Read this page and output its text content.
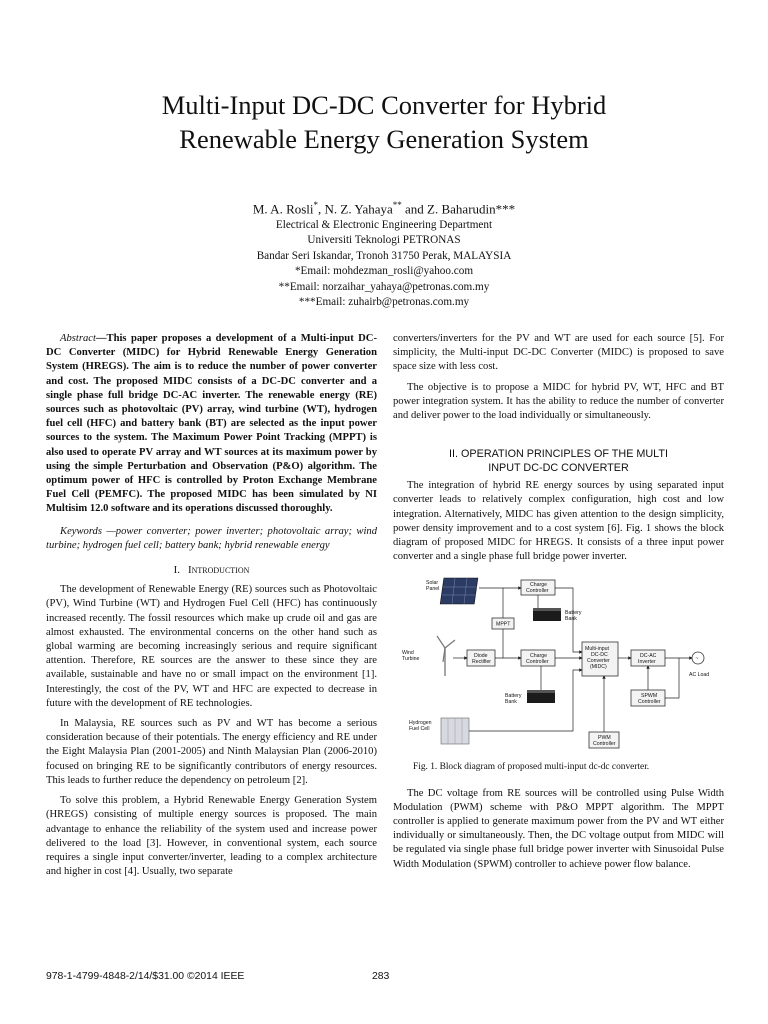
Multi-Input DC-DC Converter for Hybrid
Renewable Energy Generation System
M. A. Rosli*, N. Z. Yahaya** and Z. Baharudin***
Electrical & Electronic Engineering Department
Universiti Teknologi PETRONAS
Bandar Seri Iskandar, Tronoh 31750 Perak, MALAYSIA
*Email: mohdezman_rosli@yahoo.com
**Email: norzaihar_yahaya@petronas.com.my
***Email: zuhairb@petronas.com.my

Abstract—This paper proposes a development of a Multi-input DC-DC Converter (MIDC) for Hybrid Renewable Energy Generation System (HREGS). The aim is to reduce the number of power converter and cost. The proposed MIDC consists of a DC-DC converter and a single phase full bridge DC-AC inverter. The renewable energy (RE) sources such as photovoltaic (PV) array, wind turbine (WT), hydrogen fuel cell (HFC) and battery bank (BT) are selected as the input power sources to the system. The Maximum Power Point Tracking (MPPT) is also used to operate PV array and WT sources at its maximum power by using the simple Perturbation and Observation (P&O) algorithm. The optimum power of HFC is controlled by Proton Exchange Membrane Fuel Cell (PEMFC). The proposed MIDC has been simulated by NI Multisim 12.0 software and its operations discussed thoroughly.

Keywords —power converter; power inverter; photovoltaic array; wind turbine; hydrogen fuel cell; battery bank; hybrid renewable energy

I. Introduction

The development of Renewable Energy (RE) sources such as Photovoltaic (PV), Wind Turbine (WT) and Hydrogen Fuel Cell (HFC) has continuously increased recently. The fossil resources which make up crude oil and gas are almost exhausted. The environmental concerns on the other hand such as global warming are becoming increasingly serious and require significant attention. Therefore, RE sources are the answer to these since they are available, sustainable and have no or small impact on the environment [1]. Interestingly, the cost of the PV, WT and HFC are expected to decrease in future with the development of RE technologies.

In Malaysia, RE sources such as PV and WT has become a serious consideration because of their potentials. The energy efficiency and RE under the Eight Malaysia Plan (2001-2005) and Ninth Malaysian Plan (2006-2010) focused on bringing RE to be significantly contributors of energy resources. This leads to further reduce the dependency on petroleum [2].

To solve this problem, a Hybrid Renewable Energy Generation System (HREGS) consisting of multiple energy sources is proposed. The main advantage to enhance the reliability of the system used and increase power delivered to the load [3]. However, in conventional system, each source requires a single input converter/inverter, leading to a complex architecture and higher in cost [4]. Usually, two separate

converters/inverters for the PV and WT are used for each source [5]. For simplicity, the Multi-input DC-DC Converter (MIDC) is proposed to save space size with less cost.

The objective is to propose a MIDC for hybrid PV, WT, HFC and BT power integration system. It has the ability to reduce the number of converter and deliver power to the load individually or simultaneously.

II. OPERATION PRINCIPLES OF THE MULTI
INPUT DC-DC CONVERTER

The integration of hybrid RE energy sources by using separated input converter leads to relatively complex configuration, high cost and low integration. Alternatively, MIDC has given attention to the design simplicity, power density improvement and to a cost system [6]. Fig. 1 shows the block diagram of proposed MIDC for HREGS. It consists of a three input power converter and a single phase full bridge power inverter.

Solar
Panel
Charge
Controller
Battery
Bank
MPPT
Wind
Turbine	Diode
Rectifier
Charge
Controller
Multi-input
DC-DC
Converter
(MIDC)
DC-AC
Inverter	~
AC Load
Battery
Bank
SPWM
Controller
Hydrogen
Fuel Cell
PWM
Controller
Fig. 1. Block diagram of proposed multi-input dc-dc converter.

The DC voltage from RE sources will be controlled using Pulse Width Modulation (PWM) scheme with P&O MPPT algorithm. The MPPT controller is applied to generate maximum power from the PV and WT either individually or simultaneously. Then, the DC voltage output from MIDC will be regulated via single phase full bridge power inverter with Sinusoidal Pulse Width Modulation (SPWM) controller to achieve power flow balance.

978-1-4799-4848-2/14/$31.00 ©2014 IEEE	283
